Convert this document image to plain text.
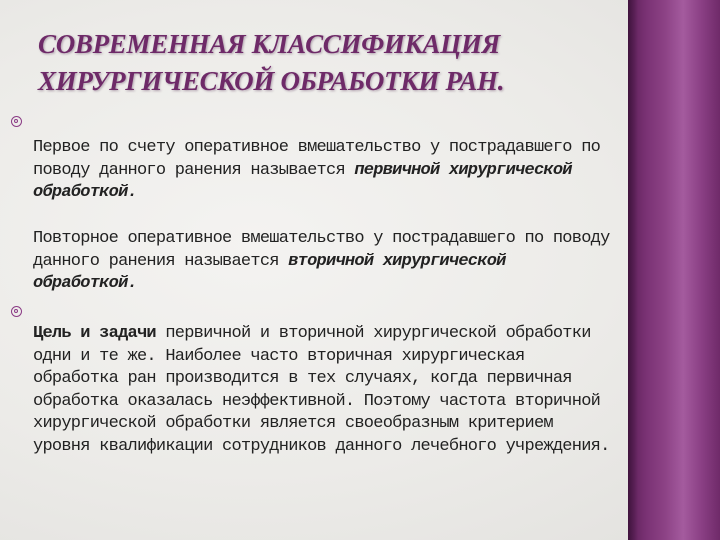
СОВРЕМЕННАЯ КЛАССИФИКАЦИЯ
ХИРУРГИЧЕСКОЙ ОБРАБОТКИ РАН.

Первое по счету оперативное вмешательство у пострадавшего по поводу данного ранения называется первичной хирургической обработкой.

Повторное оперативное вмешательство у пострадавшего по поводу данного ранения называется вторичной хирургической обработкой.

Цель и задачи первичной и вторичной хирургической обработки одни и те же. Наиболее часто вторичная хирургическая обработка ран производится в тех случаях, когда первичная обработка оказалась неэффективной. Поэтому частота вторичной хирургической обработки является своеобразным критерием уровня квалификации сотрудников данного лечебного учреждения.
